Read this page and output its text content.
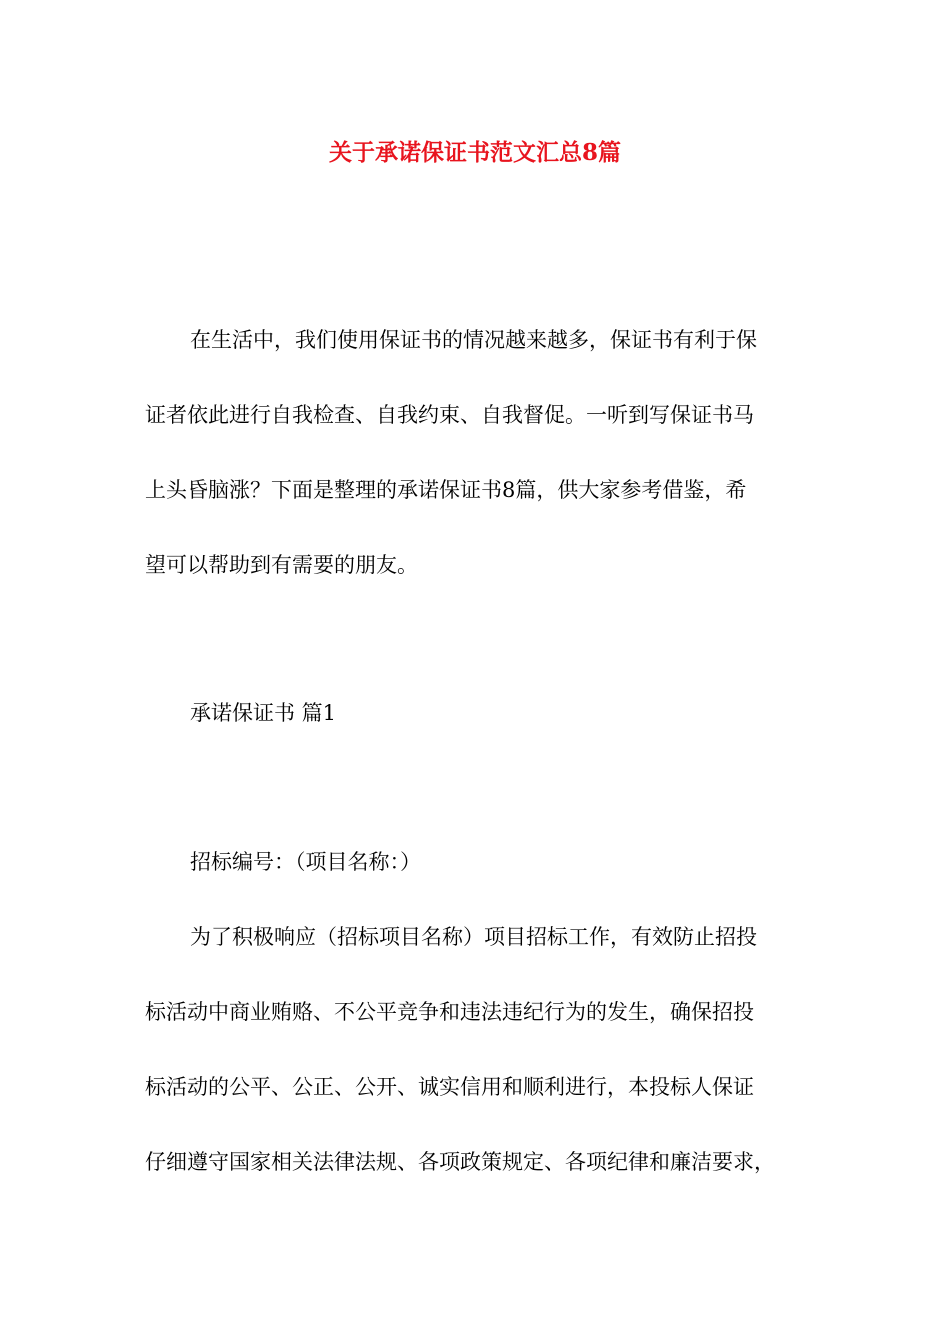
关于承诺保证书范文汇总8篇
在生活中，我们使用保证书的情况越来越多，保证书有利于保
证者依此进行自我检查、自我约束、自我督促。一听到写保证书马
上头昏脑涨？下面是整理的承诺保证书8篇，供大家参考借鉴，希
望可以帮助到有需要的朋友。
承诺保证书 篇1
招标编号：（项目名称：）
为了积极响应（招标项目名称）项目招标工作，有效防止招投
标活动中商业贿赂、不公平竞争和违法违纪行为的发生，确保招投
标活动的公平、公正、公开、诚实信用和顺利进行，本投标人保证
仔细遵守国家相关法律法规、各项政策规定、各项纪律和廉洁要求，
